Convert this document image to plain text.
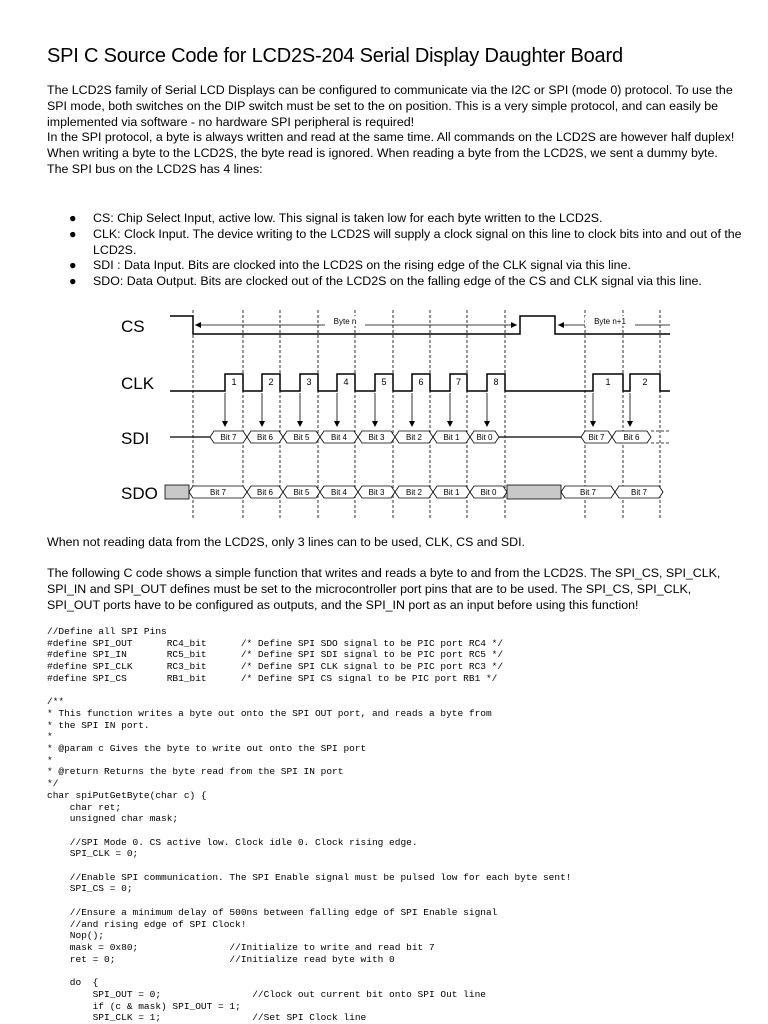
SPI C Source Code for LCD2S-204 Serial Display Daughter Board
The LCD2S family of Serial LCD Displays can be configured to communicate via the I2C or SPI (mode 0) protocol. To use the SPI mode, both switches on the DIP switch must be set to the on position. This is a very simple protocol, and can easily be implemented via software - no hardware SPI peripheral is required!
In the SPI protocol, a byte is always written and read at the same time. All commands on the LCD2S are however half duplex! When writing a byte to the LCD2S, the byte read is ignored. When reading a byte from the LCD2S, we sent a dummy byte.
The SPI bus on the LCD2S has 4 lines:
● CS: Chip Select Input, active low. This signal is taken low for each byte written to the LCD2S.
● CLK: Clock Input. The device writing to the LCD2S will supply a clock signal on this line to clock bits into and out of the LCD2S.
● SDI : Data Input. Bits are clocked into the LCD2S on the rising edge of the CLK signal via this line.
● SDO: Data Output. Bits are clocked out of the LCD2S on the falling edge of the CS and CLK signal via this line.
CS
CLK
SDI
SDO
Byte n	Byte n+1
1	2	3	4	5	6	7	8	1	2
Bit 7	Bit 6	Bit 5	Bit 4	Bit 3	Bit 2	Bit 1 Bit 0	Bit 7 Bit 6
Bit 7	Bit 6	Bit 5	Bit 4	Bit 3	Bit 2	Bit 1	Bit 0	Bit 7	Bit 7
When not reading data from the LCD2S, only 3 lines can to be used, CLK, CS and SDI.
The following C code shows a simple function that writes and reads a byte to and from the LCD2S. The SPI_CS, SPI_CLK, SPI_IN and SPI_OUT defines must be set to the microcontroller port pins that are to be used. The SPI_CS, SPI_CLK, SPI_OUT ports have to be configured as outputs, and the SPI_IN port as an input before using this function!
//Define all SPI Pins
#define SPI_OUT      RC4_bit      /* Define SPI SDO signal to be PIC port RC4 */
#define SPI_IN       RC5_bit      /* Define SPI SDI signal to be PIC port RC5 */
#define SPI_CLK      RC3_bit      /* Define SPI CLK signal to be PIC port RC3 */
#define SPI_CS       RB1_bit      /* Define SPI CS signal to be PIC port RB1 */

/**
* This function writes a byte out onto the SPI OUT port, and reads a byte from
* the SPI IN port.
*
* @param c Gives the byte to write out onto the SPI port
*
* @return Returns the byte read from the SPI IN port
*/
char spiPutGetByte(char c) {
char ret;
unsigned char mask;

//SPI Mode 0. CS active low. Clock idle 0. Clock rising edge.
SPI_CLK = 0;

//Enable SPI communication. The SPI Enable signal must be pulsed low for each byte sent!
SPI_CS = 0;

//Ensure a minimum delay of 500ns between falling edge of SPI Enable signal
//and rising edge of SPI Clock!
Nop();
mask = 0x80;                //Initialize to write and read bit 7
ret = 0;                    //Initialize read byte with 0

do  {
SPI_OUT = 0;                //Clock out current bit onto SPI Out line
if (c & mask) SPI_OUT = 1;
SPI_CLK = 1;                //Set SPI Clock line
